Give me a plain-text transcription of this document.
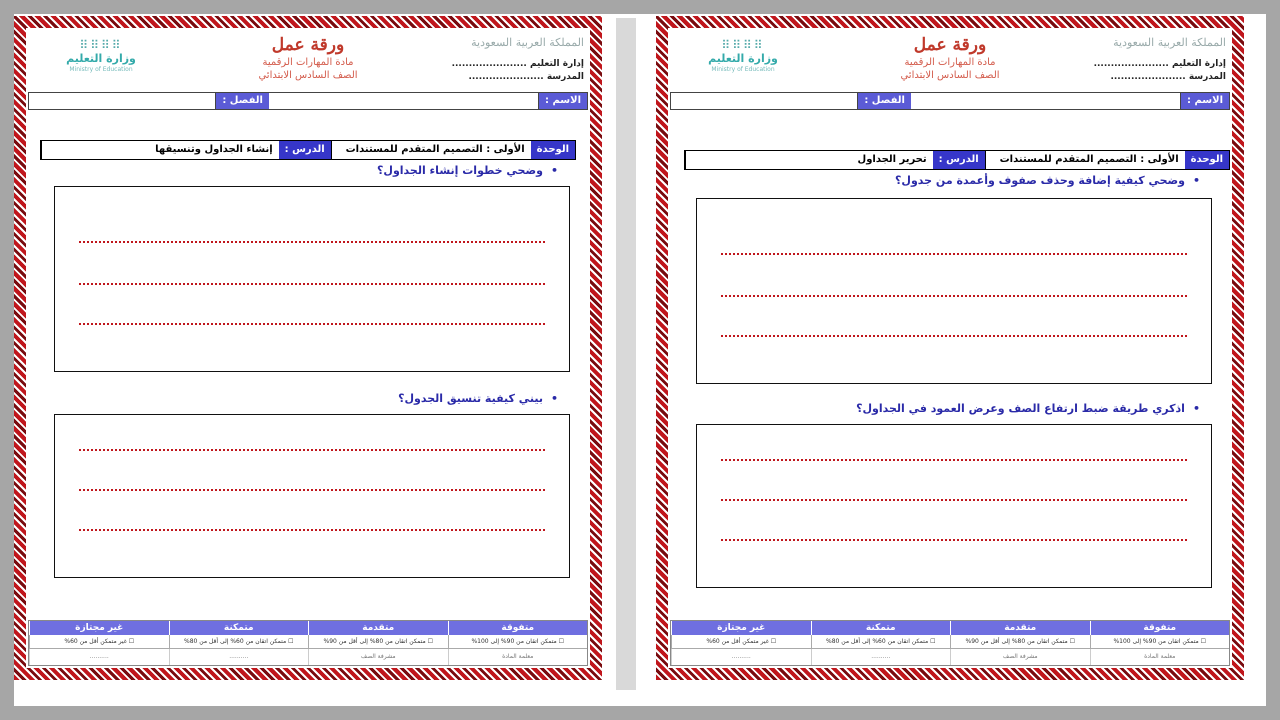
المملكة العربية السعودية
إدارة التعليم ......................
المدرسة ......................
ورقة عمل
مادة المهارات الرقمية
الصف السادس الابتدائي
⠿⠿⠿⠿
وزارة التعليم
Ministry of Education
الاسم :
الفصل :
الوحدة
الأولى : التصميم المتقدم للمستندات
الدرس :
إنشاء الجداول وتنسيقها
•وضحي خطوات إنشاء الجداول؟
•بيني كيفية تنسيق الجدول؟
متفوقة
متقدمة
متمكنة
غير مجتازة
☐ متمكن اتقان من 90% إلى 100%
☐ متمكن اتقان من 80% إلى أقل من 90%
☐ متمكن اتقان من 60% إلى أقل من 80%
☐ غير متمكن أقل من 60%
معلمة المادة
مشرفة الصف
..........
..........
المملكة العربية السعودية
إدارة التعليم ......................
المدرسة ......................
ورقة عمل
مادة المهارات الرقمية
الصف السادس الابتدائي
⠿⠿⠿⠿
وزارة التعليم
Ministry of Education
الاسم :
الفصل :
الوحدة
الأولى : التصميم المتقدم للمستندات
الدرس :
تحرير الجداول
•وضحي كيفية إضافة وحذف صفوف وأعمدة من جدول؟
•اذكري طريقة ضبط ارتفاع الصف وعرض العمود في الجداول؟
متفوقة
متقدمة
متمكنة
غير مجتازة
☐ متمكن اتقان من 90% إلى 100%
☐ متمكن اتقان من 80% إلى أقل من 90%
☐ متمكن اتقان من 60% إلى أقل من 80%
☐ غير متمكن أقل من 60%
معلمة المادة
مشرفة الصف
..........
..........
